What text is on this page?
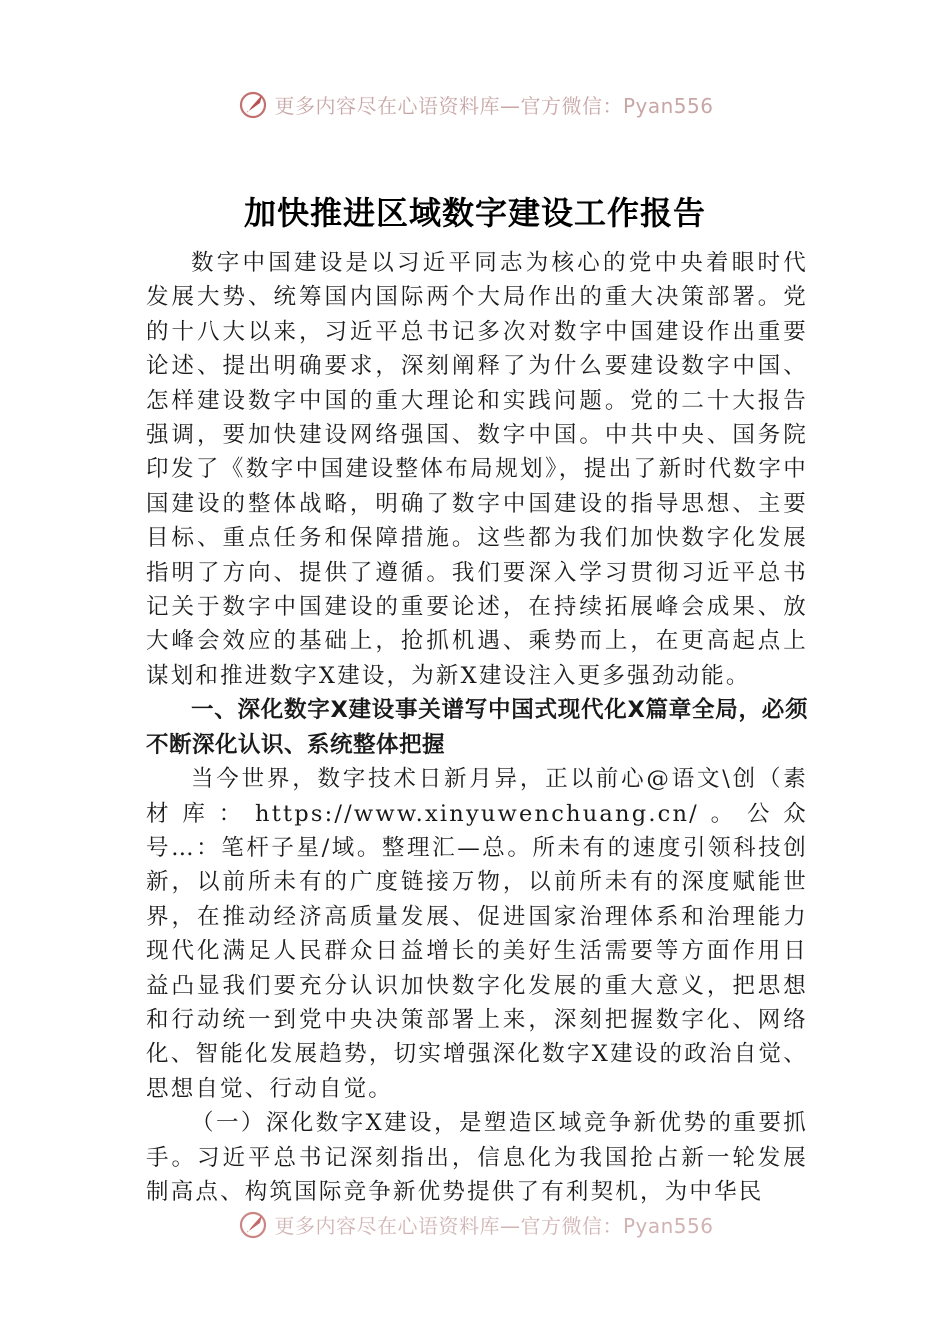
更多内容尽在心语资料库—官方微信：Pyan556
加快推进区域数字建设工作报告

数字中国建设是以习近平同志为核心的党中央着眼时代发展大势、统筹国内国际两个大局作出的重大决策部署。党的十八大以来，习近平总书记多次对数字中国建设作出重要论述、提出明确要求，深刻阐释了为什么要建设数字中国、怎样建设数字中国的重大理论和实践问题。党的二十大报告强调，要加快建设网络强国、数字中国。中共中央、国务院印发了《数字中国建设整体布局规划》，提出了新时代数字中国建设的整体战略，明确了数字中国建设的指导思想、主要目标、重点任务和保障措施。这些都为我们加快数字化发展指明了方向、提供了遵循。我们要深入学习贯彻习近平总书记关于数字中国建设的重要论述，在持续拓展峰会成果、放大峰会效应的基础上，抢抓机遇、乘势而上，在更高起点上谋划和推进数字X建设，为新X建设注入更多强劲动能。

一、深化数字X建设事关谱写中国式现代化X篇章全局，必须不断深化认识、系统整体把握

当今世界，数字技术日新月异，正以前心@语文\创（素材库：https://www.xinyuwenchuang.cn/。公众号…：笔杆子星/域。整理汇—总。所未有的速度引领科技创新，以前所未有的广度链接万物，以前所未有的深度赋能世界，在推动经济高质量发展、促进国家治理体系和治理能力现代化满足人民群众日益增长的美好生活需要等方面作用日益凸显我们要充分认识加快数字化发展的重大意义，把思想和行动统一到党中央决策部署上来，深刻把握数字化、网络化、智能化发展趋势，切实增强深化数字X建设的政治自觉、思想自觉、行动自觉。

（一）深化数字X建设，是塑造区域竞争新优势的重要抓手。习近平总书记深刻指出，信息化为我国抢占新一轮发展制高点、构筑国际竞争新优势提供了有利契机，为中华民

更多内容尽在心语资料库—官方微信：Pyan556
